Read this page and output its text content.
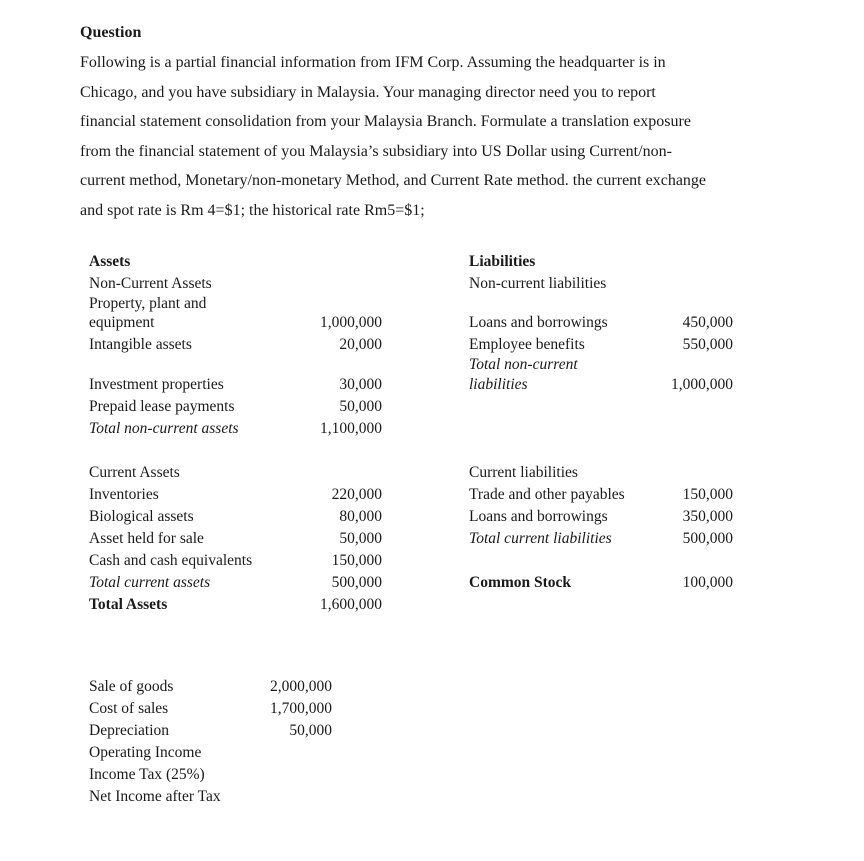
Question
Following is a partial financial information from IFM Corp. Assuming the headquarter is in
Chicago, and you have subsidiary in Malaysia. Your managing director need you to report
financial statement consolidation from your Malaysia Branch. Formulate a translation exposure
from the financial statement of you Malaysia’s subsidiary into US Dollar using Current/non-
current method, Monetary/non-monetary Method, and Current Rate method. the current exchange
and spot rate is Rm 4=$1; the historical rate Rm5=$1;
Assets
Non-Current Assets
Property, plant and
equipment	1,000,000
Intangible assets	20,000
Investment properties	30,000
Prepaid lease payments	50,000
Total non-current assets	1,100,000
Current Assets
Inventories	220,000
Biological assets	80,000
Asset held for sale	50,000
Cash and cash equivalents	150,000
Total current assets	500,000
Total Assets	1,600,000
Liabilities
Non-current liabilities
Loans and borrowings	450,000
Employee benefits	550,000
Total non-current
liabilities	1,000,000
Current liabilities
Trade and other payables	150,000
Loans and borrowings	350,000
Total current liabilities	500,000
Common Stock	100,000
Sale of goods	2,000,000
Cost of sales	1,700,000
Depreciation	50,000
Operating Income
Income Tax (25%)
Net Income after Tax
